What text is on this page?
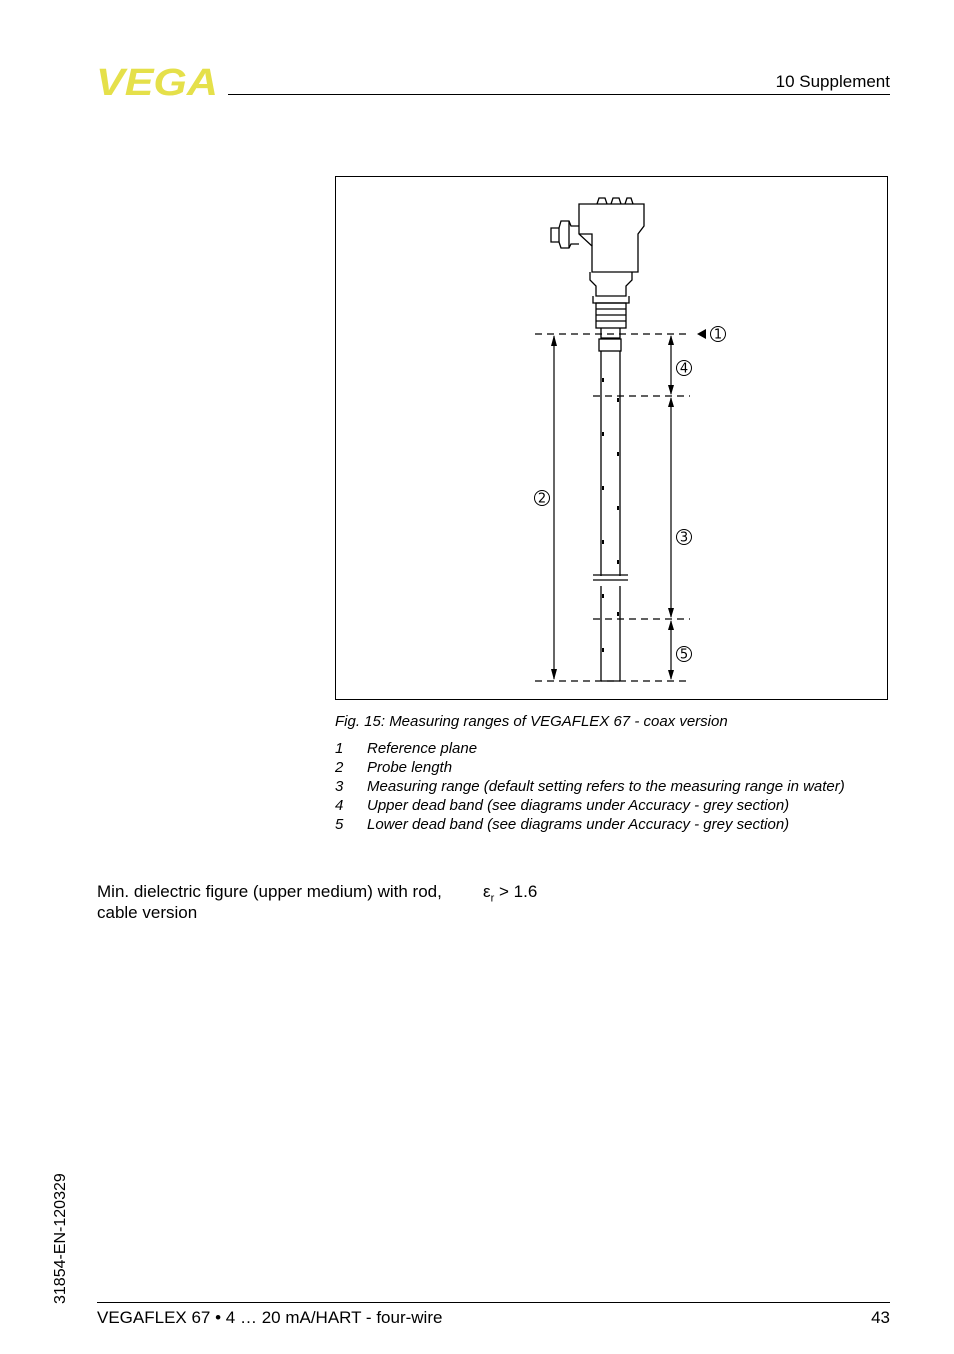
VEGA	10 Supplement
1
2
3
4
5
Fig. 15: Measuring ranges of VEGAFLEX 67 - coax version
1	Reference plane
2	Probe length
3	Measuring range (default setting refers to the measuring range in water)
4	Upper dead band (see diagrams under Accuracy - grey section)
5	Lower dead band (see diagrams under Accuracy - grey section)
Min. dielectric figure (upper medium) with rod, cable version
$\varepsilon_r > 1.6$
31854-EN-120329
VEGAFLEX 67 • 4 … 20 mA/HART - four-wire	43
